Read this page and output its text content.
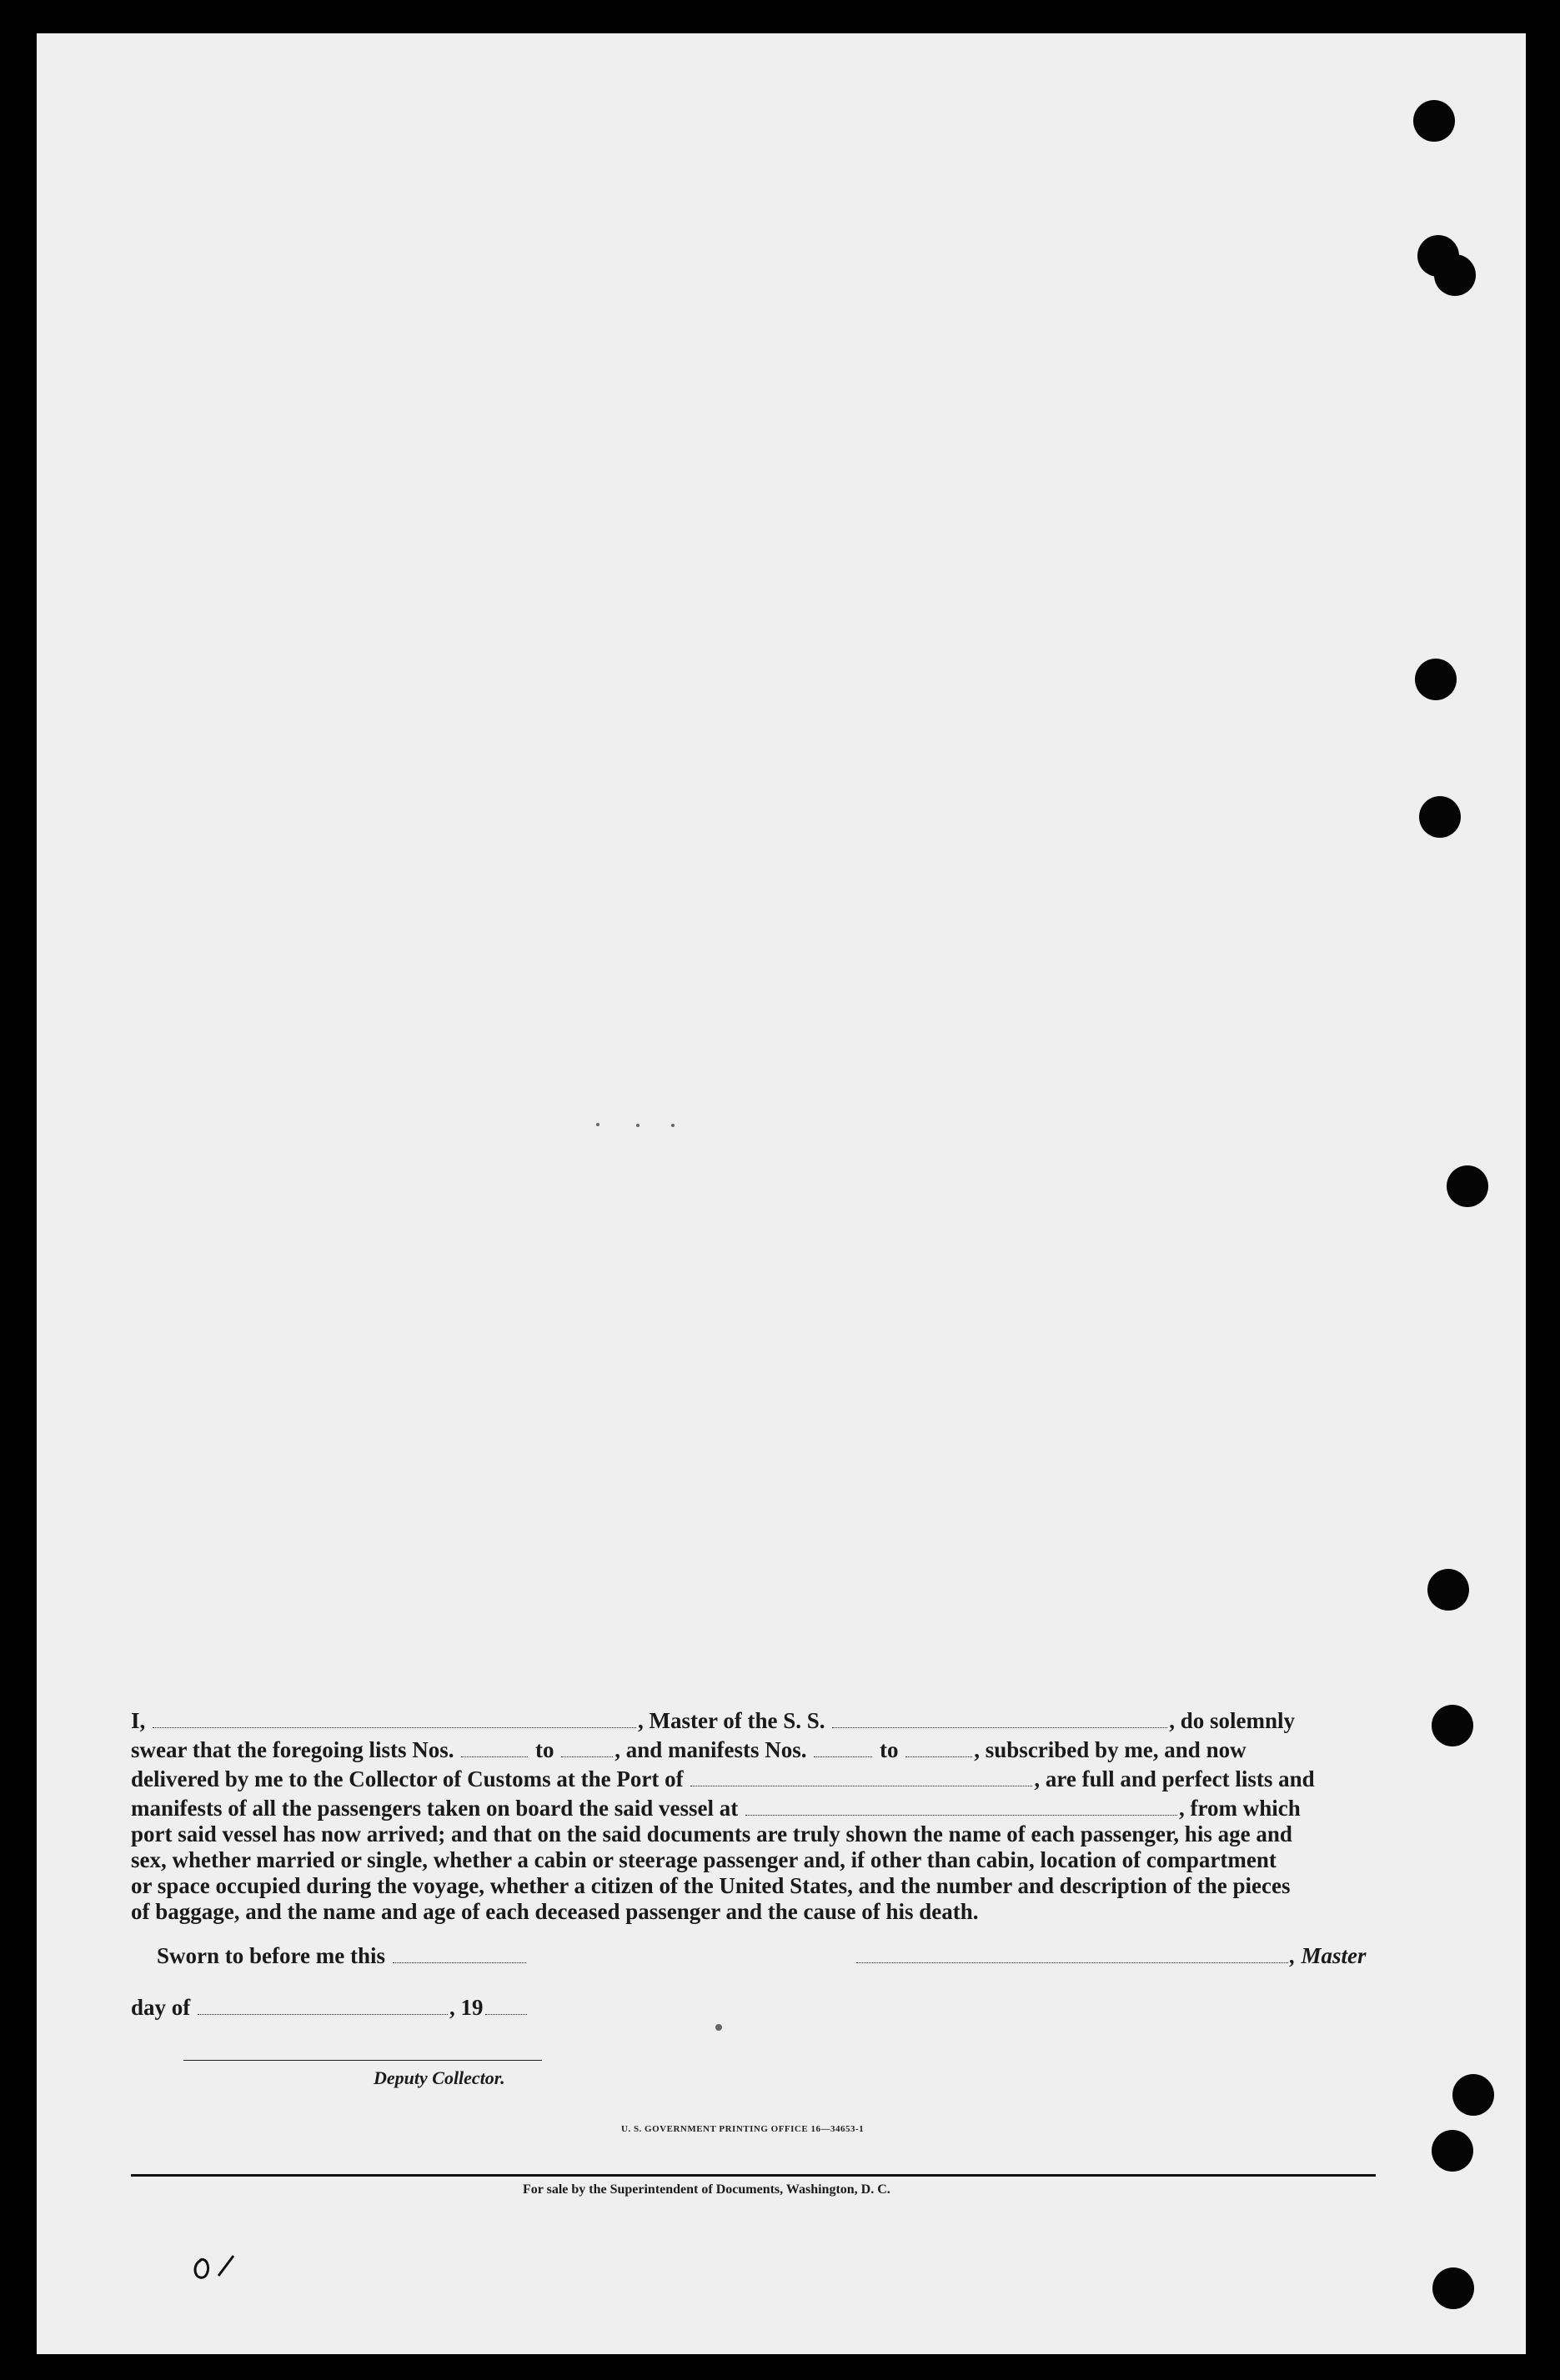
I,	, Master of the S. S.	, do solemnly
swear that the foregoing lists Nos.	to	, and manifests Nos.	to	, subscribed by me, and now
delivered by me to the Collector of Customs at the Port of	, are full and perfect lists and
manifests of all the passengers taken on board the said vessel at	, from which
port said vessel has now arrived; and that on the said documents are truly shown the name of each passenger, his age and
sex, whether married or single, whether a cabin or steerage passenger and, if other than cabin, location of compartment
or space occupied during the voyage, whether a citizen of the United States, and the number and description of the pieces
of baggage, and the name and age of each deceased passenger and the cause of his death.
Sworn to before me this	, Master
day of	, 19
Deputy Collector.
U. S. GOVERNMENT PRINTING OFFICE 16—34653-1
For sale by the Superintendent of Documents, Washington, D. C.
